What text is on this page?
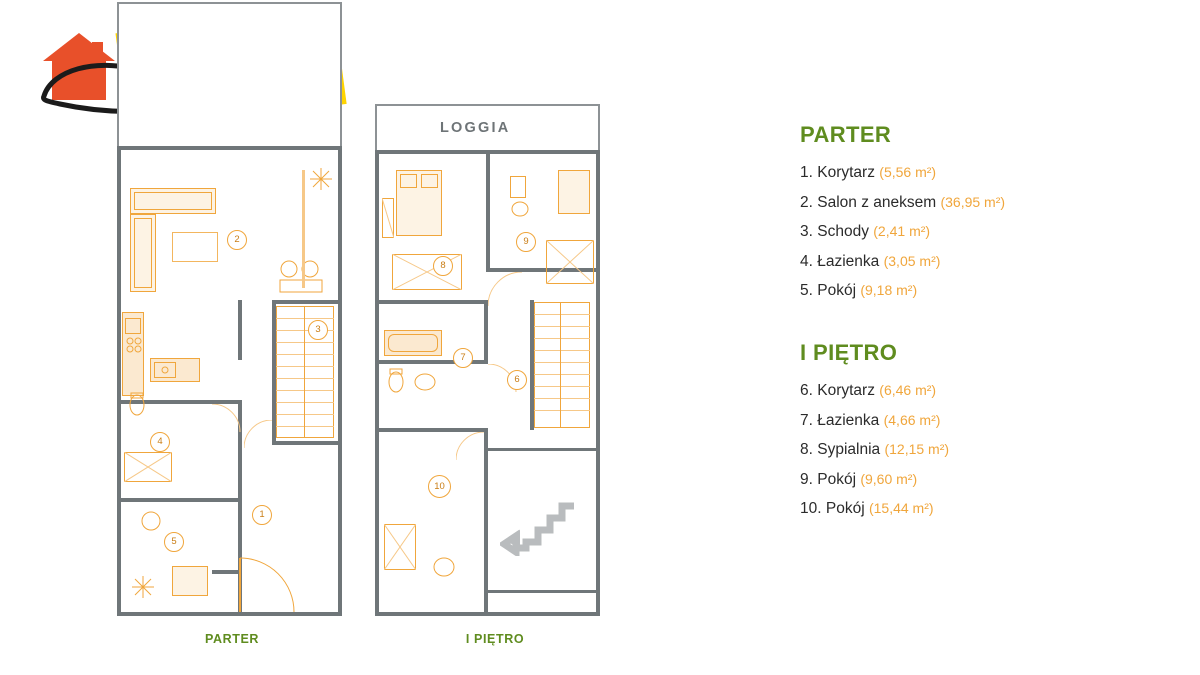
2
3
4
1
5
PARTER
LOGGIA
8
9
7
6
10
I PIĘTRO
PARTER
1. Korytarz (5,56 m²)
2. Salon z aneksem (36,95 m²)
3. Schody (2,41 m²)
4. Łazienka (3,05 m²)
5. Pokój (9,18 m²)
I PIĘTRO
6. Korytarz (6,46 m²)
7. Łazienka (4,66 m²)
8. Sypialnia (12,15 m²)
9. Pokój (9,60 m²)
10. Pokój (15,44 m²)
